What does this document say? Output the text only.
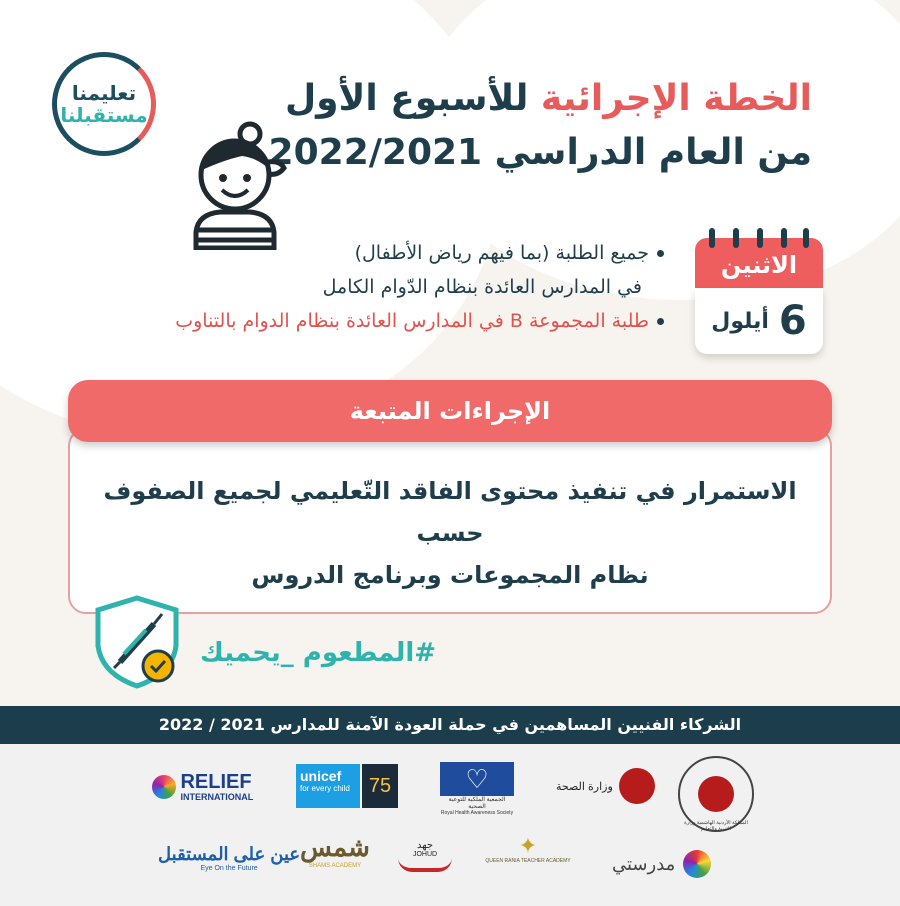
تعليمنا
مستقبلنا	الخطة الإجرائية للأسبوع الأول
من العام الدراسي 2022/2021
الاثنين
6
أيلول
جميع الطلبة (بما فيهم رياض الأطفال)
في المدارس العائدة بنظام الدّوام الكامل
طلبة المجموعة B في المدارس العائدة بنظام الدوام بالتناوب
الإجراءات المتبعة
الاستمرار في تنفيذ محتوى الفاقد التّعليمي لجميع الصفوف حسب
نظام المجموعات وبرنامج الدروس
#المطعوم _يحميك
الشركاء الفنيين المساهمين في حملة العودة الآمنة للمدارس 2021 / 2022

RELIEF
INTERNATIONAL
unicef
for every child 75	♡
الجمعية الملكية للتوعية الصحية
Royal Health Awareness Society
وزارة الصحة
المملكة الأردنية الهاشمية وزارة التربية والتعليم
عين على المستقبل
Eye On the Future
شمس
SHAMS ACADEMY
جهد
JOHUD	✦
QUEEN RANIA TEACHER ACADEMY مدرستي
